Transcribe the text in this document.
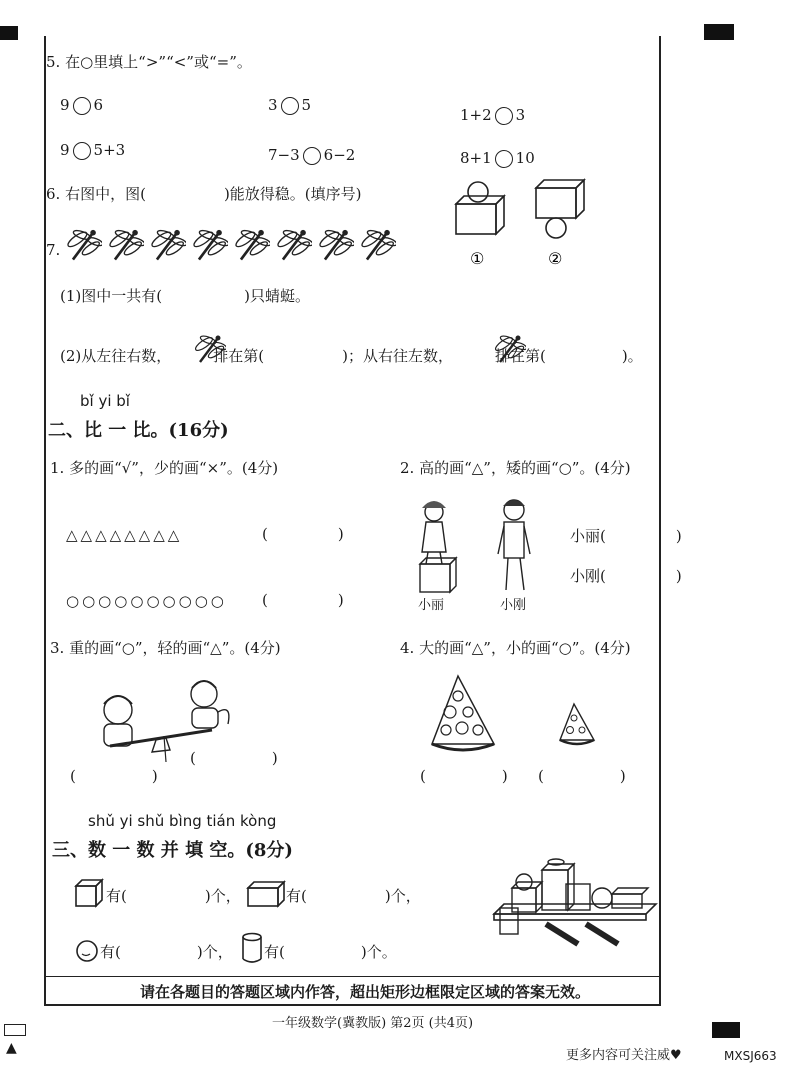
▲
5. 在○里填上“>”“<”或“=”。
9 6	3 5
1+2 3
9 5+3	7−3 6−2	8+1 10
6. 右图中，图(	)能放得稳。(填序号)
①	②
7.
(1)图中一共有(	)只蜻蜓。
(2)从左往右数，	排在第(	)；从右往左数，	排在第(	)。
bǐ yi bǐ
二、比 一 比。(16分)
1. 多的画“√”，少的画“×”。(4分)	2. 高的画“△”，矮的画“○”。(4分)
△△△△△△△△	(	)
○○○○○○○○○○ (	)	小丽	小刚
小丽(	)
小刚(	)
3. 重的画“○”，轻的画“△”。(4分)	4. 大的画“△”，小的画“○”。(4分)
(	)
(	)	(	) (	)
shǔ yi shǔ bìng tián kòng
三、数 一 数 并 填 空。(8分)
有(	)个，	有(	)个，
有(	)个， 有(	)个。
请在各题目的答题区域内作答，超出矩形边框限定区域的答案无效。
一年级数学(冀教版) 第2页 (共4页)
更多内容可关注威♥	MXSJ663
